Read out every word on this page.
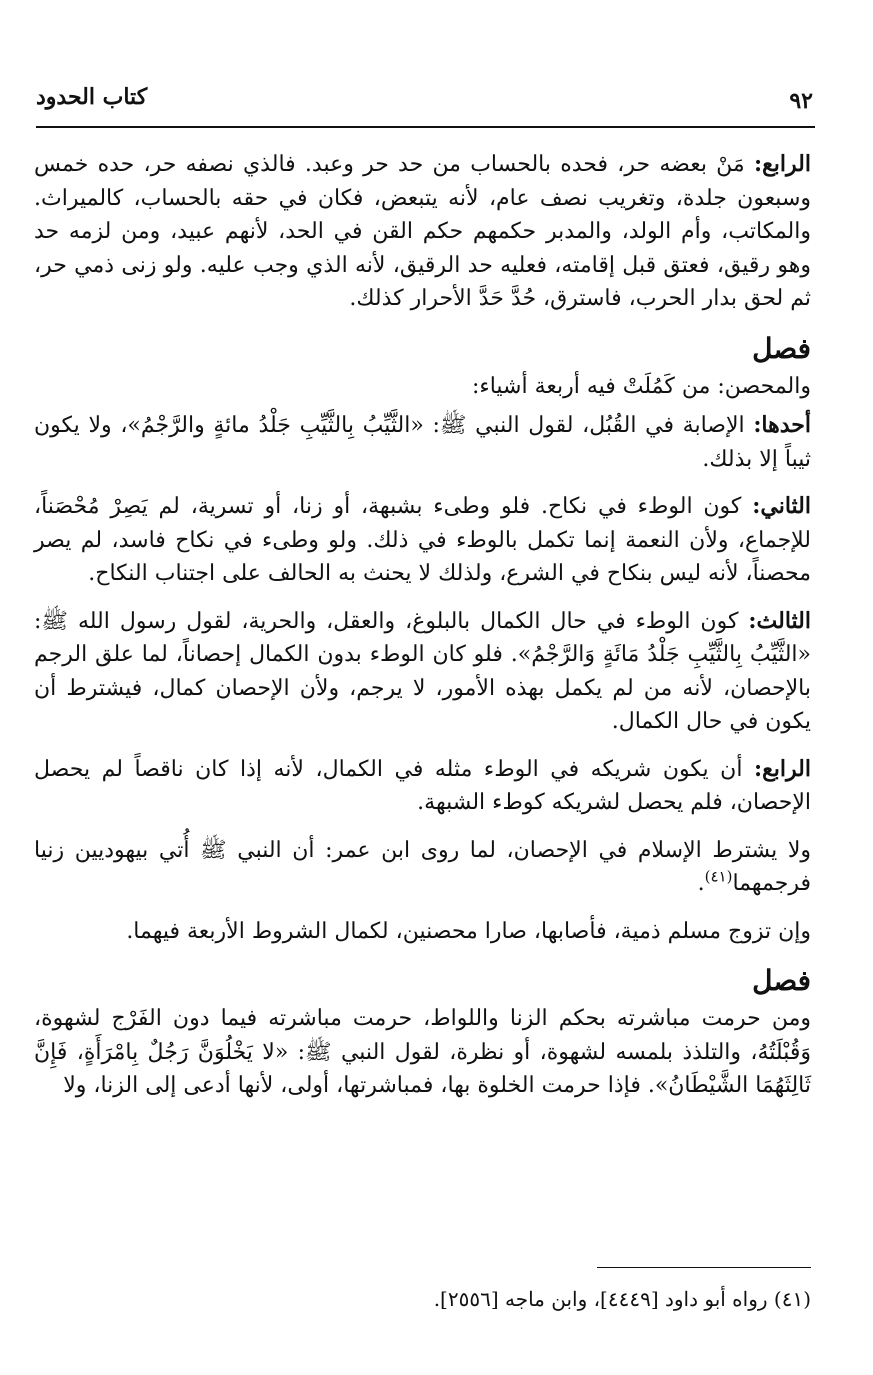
٩٢
كتاب الحدود

الرابع: مَنْ بعضه حر، فحده بالحساب من حد حر وعبد. فالذي نصفه حر، حده خمس وسبعون جلدة، وتغريب نصف عام، لأنه يتبعض، فكان في حقه بالحساب، كالميراث. والمكاتب، وأم الولد، والمدبر حكمهم حكم القن في الحد، لأنهم عبيد، ومن لزمه حد وهو رقيق، فعتق قبل إقامته، فعليه حد الرقيق، لأنه الذي وجب عليه. ولو زنى ذمي حر، ثم لحق بدار الحرب، فاسترق، حُدَّ حَدَّ الأحرار كذلك.

فصل

والمحصن: من كَمُلَتْ فيه أربعة أشياء:

أحدها: الإصابة في القُبُل، لقول النبي ﷺ: «الثَّيِّبُ بِالثَّيِّبِ جَلْدُ مائةٍ والرَّجْمُ»، ولا يكون ثيباً إلا بذلك.

الثاني: كون الوطء في نكاح. فلو وطىء بشبهة، أو زنا، أو تسرية، لم يَصِرْ مُحْصَناً، للإجماع، ولأن النعمة إنما تكمل بالوطء في ذلك. ولو وطىء في نكاح فاسد، لم يصر محصناً، لأنه ليس بنكاح في الشرع، ولذلك لا يحنث به الحالف على اجتناب النكاح.

الثالث: كون الوطء في حال الكمال بالبلوغ، والعقل، والحرية، لقول رسول الله ﷺ: «الثَّيِّبُ بِالثَّيِّبِ جَلْدُ مَائَةٍ وَالرَّجْمُ». فلو كان الوطء بدون الكمال إحصاناً، لما علق الرجم بالإحصان، لأنه من لم يكمل بهذه الأمور، لا يرجم، ولأن الإحصان كمال، فيشترط أن يكون في حال الكمال.

الرابع: أن يكون شريكه في الوطء مثله في الكمال، لأنه إذا كان ناقصاً لم يحصل الإحصان، فلم يحصل لشريكه كوطء الشبهة.

ولا يشترط الإسلام في الإحصان، لما روى ابن عمر: أن النبي ﷺ أُتي بيهوديين زنيا فرجمهما$^{(٤١)}$.

وإن تزوج مسلم ذمية، فأصابها، صارا محصنين، لكمال الشروط الأربعة فيهما.

فصل

ومن حرمت مباشرته بحكم الزنا واللواط، حرمت مباشرته فيما دون الفَرْج لشهوة، وَقُبْلَتُهُ، والتلذذ بلمسه لشهوة، أو نظرة، لقول النبي ﷺ: «لا يَخْلُوَنَّ رَجُلٌ بِامْرَأَةٍ، فَإِنَّ ثَالِثَهُمَا الشَّيْطَانُ». فإذا حرمت الخلوة بها، فمباشرتها، أولى، لأنها أدعى إلى الزنا، ولا

(٤١) رواه أبو داود [٤٤٤٩]، وابن ماجه [٢٥٥٦].
